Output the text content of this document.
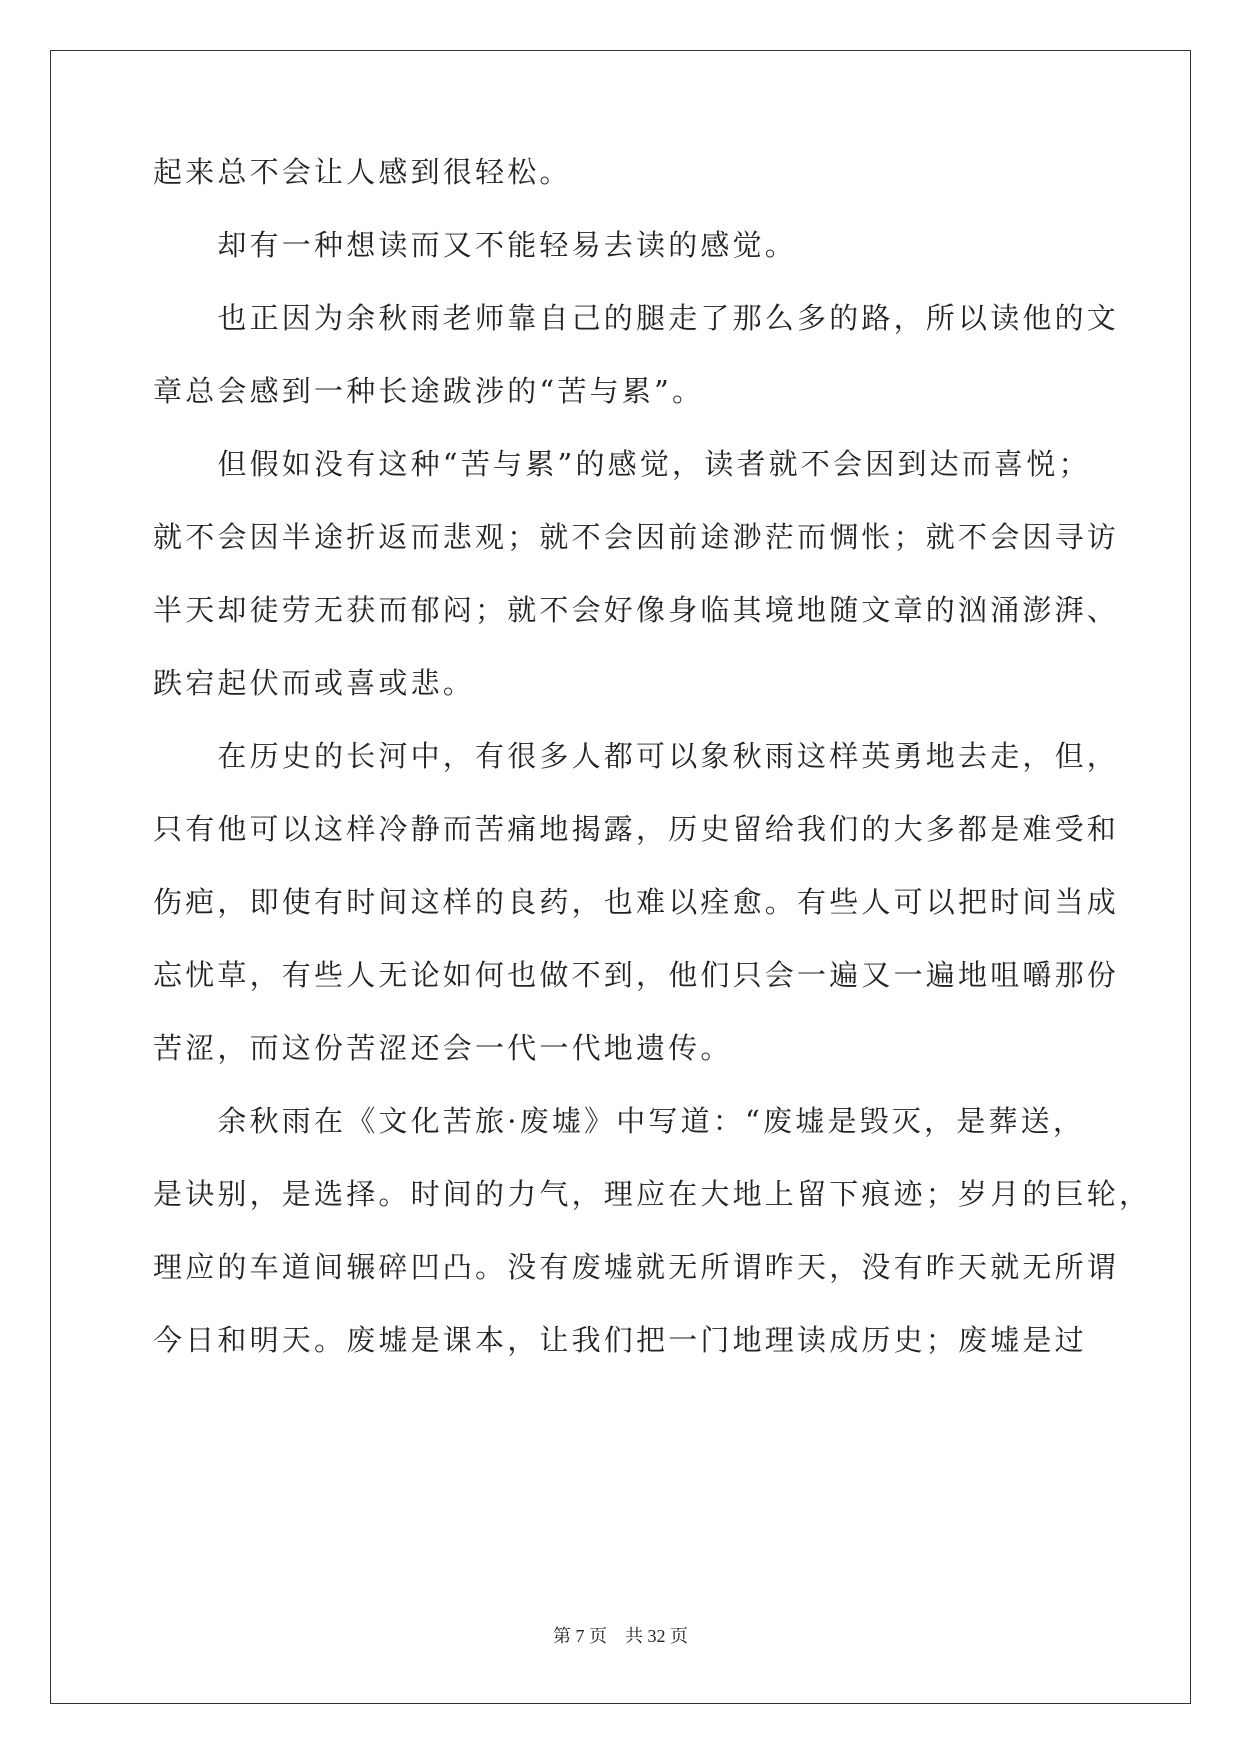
起来总不会让人感到很轻松。
　　却有一种想读而又不能轻易去读的感觉。
　　也正因为余秋雨老师靠自己的腿走了那么多的路，所以读他的文
章总会感到一种长途跋涉的“苦与累”。
　　但假如没有这种“苦与累”的感觉，读者就不会因到达而喜悦；
就不会因半途折返而悲观；就不会因前途渺茫而惆怅；就不会因寻访
半天却徒劳无获而郁闷；就不会好像身临其境地随文章的汹涌澎湃、
跌宕起伏而或喜或悲。
　　在历史的长河中，有很多人都可以象秋雨这样英勇地去走，但，
只有他可以这样冷静而苦痛地揭露，历史留给我们的大多都是难受和
伤疤，即使有时间这样的良药，也难以痊愈。有些人可以把时间当成
忘忧草，有些人无论如何也做不到，他们只会一遍又一遍地咀嚼那份
苦涩，而这份苦涩还会一代一代地遗传。
　　余秋雨在《文化苦旅·废墟》中写道：“废墟是毁灭，是葬送，
是诀别，是选择。时间的力气，理应在大地上留下痕迹；岁月的巨轮，
理应的车道间辗碎凹凸。没有废墟就无所谓昨天，没有昨天就无所谓
今日和明天。废墟是课本，让我们把一门地理读成历史；废墟是过
第 7 页　共 32 页
